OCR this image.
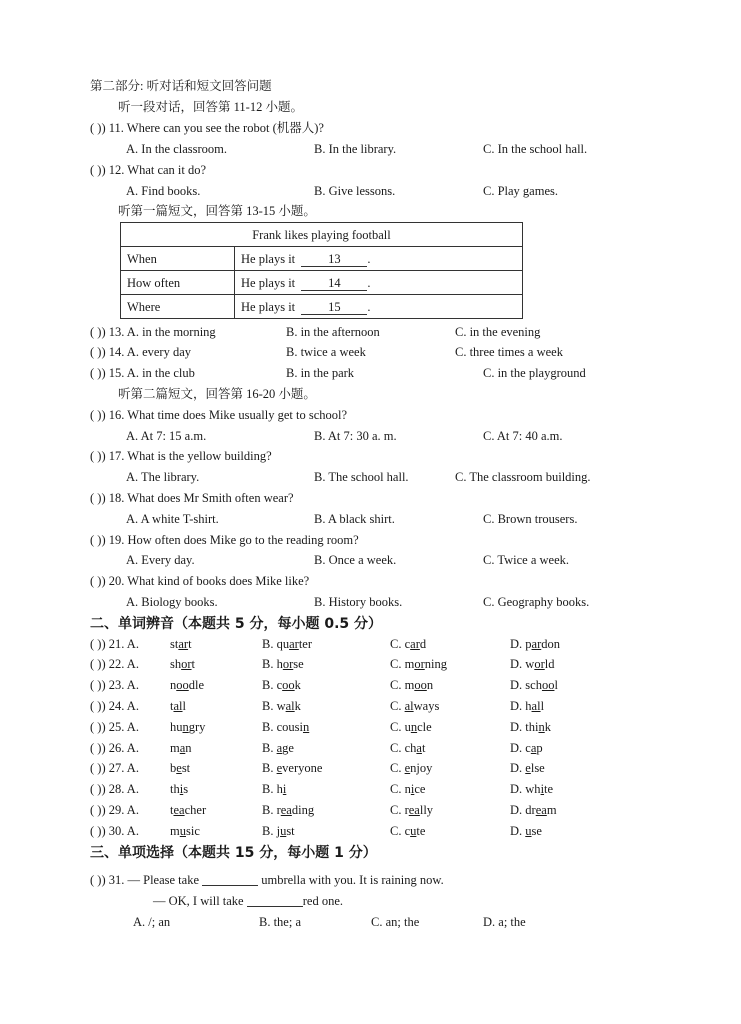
第二部分: 听对话和短文回答问题
听一段对话，回答第 11-12 小题。
( )) 11. Where can you see the robot (机器人)?
A. In the classroom.	B. In the library.	C. In the school hall.
( )) 12. What can it do?
A. Find books.	B. Give lessons.	C. Play games.
听第一篇短文，回答第 13-15 小题。
Frank likes playing football	
When	He plays it 13 .
How often	He plays it 14 .
Where	He plays it 15 .
( )) 13. A. in the morning	B. in the afternoon	C. in the evening
( )) 14. A. every day	B. twice a week	C. three times a week
( )) 15. A. in the club	B. in the park	C. in the playground
听第二篇短文，回答第 16-20 小题。
( )) 16. What time does Mike usually get to school?
A. At 7: 15 a.m.	B. At 7: 30 a. m.	C. At 7: 40 a.m.
( )) 17. What is the yellow building?
A. The library.	B. The school hall.	C. The classroom building.
( )) 18. What does Mr Smith often wear?
A. A white T-shirt.	B. A black shirt.	C. Brown trousers.
( )) 19. How often does Mike go to the reading room?
A. Every day.	B. Once a week.	C. Twice a week.
( )) 20. What kind of books does Mike like?
A. Biology books.	B. History books.	C. Geography books.
二、单词辨音（本题共 5 分，每小题 0.5 分）
( )) 21. A. start	B. quarter	C. card	D. pardon
( )) 22. A. short	B. horse	C. morning	D. world
( )) 23. A. noodle	B. cook	C. moon	D. school
( )) 24. A. tall	B. walk	C. always	D. hall
( )) 25. A. hungry	B. cousin	C. uncle	D. think
( )) 26. A. man	B. age	C. chat	D. cap
( )) 27. A. best	B. everyone	C. enjoy	D. else
( )) 28. A. this	B. hi	C. nice	D. white
( )) 29. A. teacher	B. reading	C. really	D. dream
( )) 30. A. music	B. just	C. cute	D. use
三、单项选择（本题共 15 分，每小题 1 分）
( )) 31. — Please take	umbrella with you. It is raining now.
— OK, I will take	red one.
A. /; an	B. the; a	C. an; the	D. a; the
